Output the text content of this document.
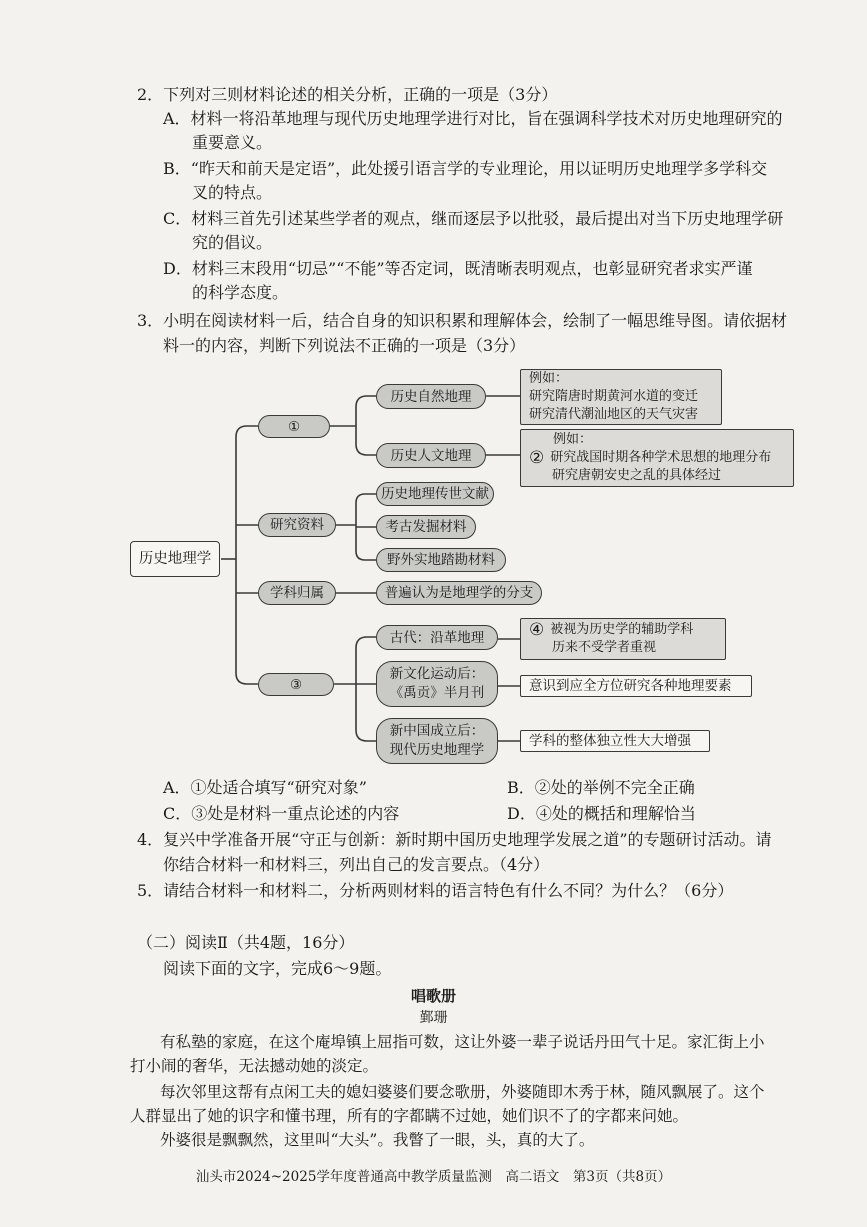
2．下列对三则材料论述的相关分析，正确的一项是（3分）
A．材料一将沿革地理与现代历史地理学进行对比，旨在强调科学技术对历史地理研究的
重要意义。
B．“昨天和前天是定语”，此处援引语言学的专业理论，用以证明历史地理学多学科交
叉的特点。
C．材料三首先引述某些学者的观点，继而逐层予以批驳，最后提出对当下历史地理学研
究的倡议。
D．材料三末段用“切忌”“不能”等否定词，既清晰表明观点，也彰显研究者求实严谨
的科学态度。
3．小明在阅读材料一后，结合自身的知识积累和理解体会，绘制了一幅思维导图。请依据材
料一的内容，判断下列说法不正确的一项是（3分）
历史地理学
①
历史自然地理
例如：
研究隋唐时期黄河水道的变迁
研究清代潮汕地区的天气灾害
历史人文地理
例如：
② 研究战国时期各种学术思想的地理分布
研究唐朝安史之乱的具体经过
研究资料
历史地理传世文献
考古发掘材料
野外实地踏勘材料
学科归属	普遍认为是地理学的分支
③
古代：沿革地理	④ 被视为历史学的辅助学科
历来不受学者重视
新文化运动后：
《禹贡》半月刊	意识到应全方位研究各种地理要素
新中国成立后：
现代历史地理学
学科的整体独立性大大增强
A．①处适合填写“研究对象”	B．②处的举例不完全正确
C．③处是材料一重点论述的内容	D．④处的概括和理解恰当
4．复兴中学准备开展“守正与创新：新时期中国历史地理学发展之道”的专题研讨活动。请
你结合材料一和材料三，列出自己的发言要点。（4分）
5．请结合材料一和材料二，分析两则材料的语言特色有什么不同？为什么？（6分）
（二）阅读Ⅱ（共4题，16分）
阅读下面的文字，完成6～9题。
唱歌册
鄞珊
有私塾的家庭，在这个庵埠镇上屈指可数，这让外婆一辈子说话丹田气十足。家汇街上小
打小闹的奢华，无法撼动她的淡定。
每次邻里这帮有点闲工夫的媳妇婆婆们要念歌册，外婆随即木秀于林，随风飘展了。这个
人群显出了她的识字和懂书理，所有的字都瞒不过她，她们识不了的字都来问她。
外婆很是飘飘然，这里叫“大头”。我瞥了一眼，头，真的大了。
汕头市2024~2025学年度普通高中教学质量监测　高二语文　第3页（共8页）
